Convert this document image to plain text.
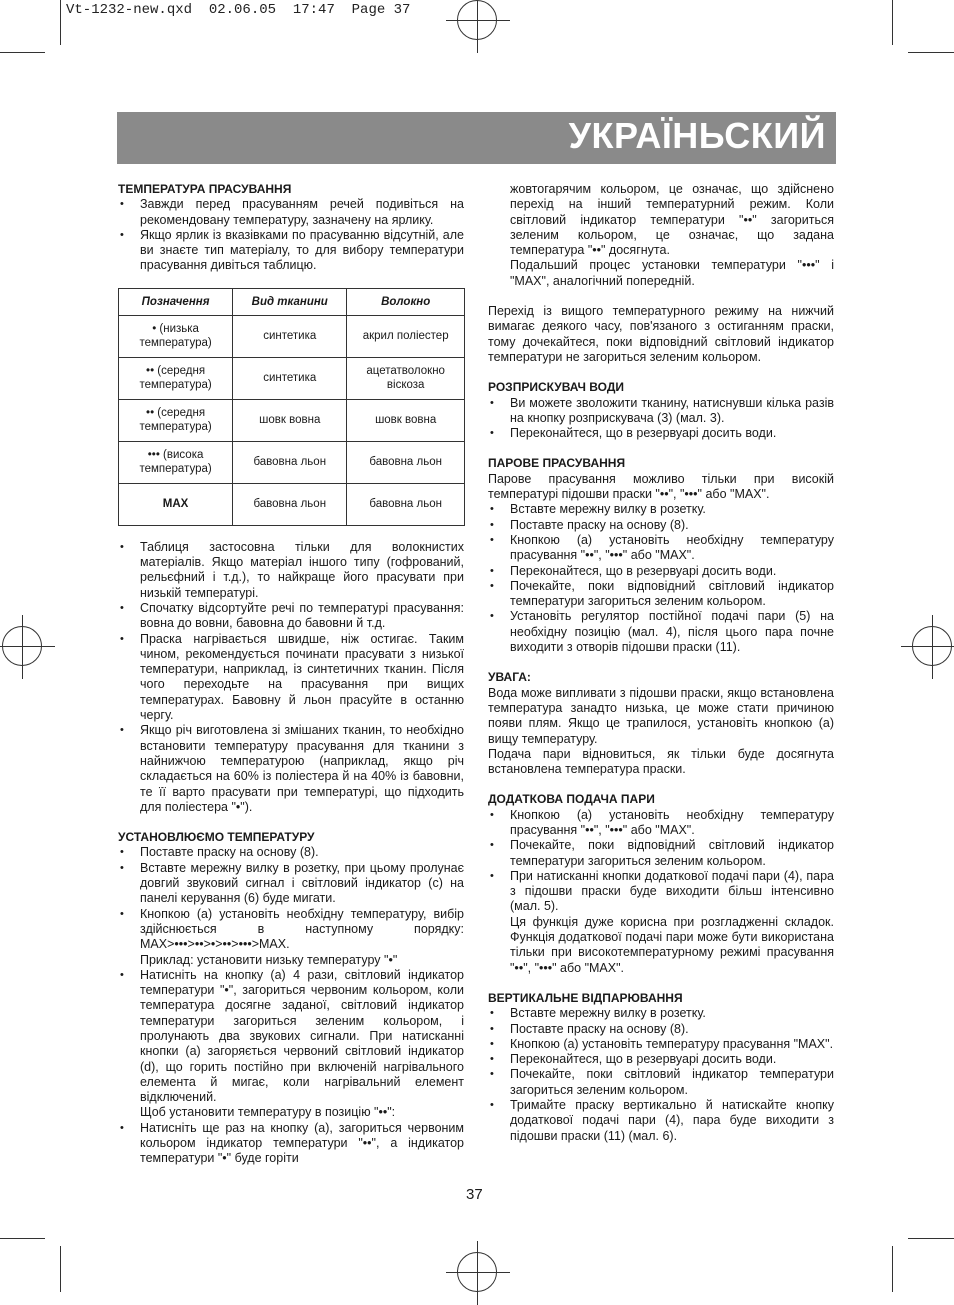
Vt-1232-new.qxd  02.06.05  17:47  Page 37
УКРАЇНЬСКИЙ

ТЕМПЕРАТУРА ПРАСУВАННЯ

• Завжди перед прасуванням речей подивіться на рекомендовану температуру, зазначену на ярлику.
• Якщо ярлик із вказівками по прасуванню відсутній, але ви знаєте тип матеріалу, то для вибору температури прасування дивіться таблицю.
Позначення	Вид тканини	Волокно
• (низька температура)	синтетика	акрил поліестер
•• (середня температура)	синтетика	ацетатволокно віскоза
•• (середня температура)	шовк вовна	шовк вовна
••• (висока температура)	бавовна льон	бавовна льон
MAX	бавовна льон	бавовна льон
• Таблиця застосовна тільки для волокнистих матеріалів. Якщо матеріал іншого типу (гофрований, рельєфний і т.д.), то найкраще його прасувати при низькій температурі.
• Спочатку відсортуйте речі по температурі прасування: вовна до вовни, бавовна до бавовни й т.д.
• Праска нагрівається швидше, ніж остигає. Таким чином, рекомендується починати прасувати з низької температури, наприклад, із синтетичних тканин. Після чого переходьте на прасування при вищих температурах. Бавовну й льон прасуйте в останню чергу.
• Якщо річ виготовлена зі змішаних тканин, то необхідно встановити температуру прасування для тканини з найнижчою температурою (наприклад, якщо річ складається на 60% із поліестера й на 40% із бавовни, те її варто прасувати при температурі, що підходить для поліестера "•").

УСТАНОВЛЮЄМО ТЕМПЕРАТУРУ

• Поставте праску на основу (8).
• Вставте мережну вилку в розетку, при цьому пролунає довгий звуковий сигнал і світловий індикатор (c) на панелі керування (6) буде мигати.
• Кнопкою (a) установіть необхідну температуру, вибір здійснюється в наступному порядку: MAX>•••>••>•>••>•••>MAX.
Приклад: установити низьку температуру "•"
• Натисніть на кнопку (a) 4 рази, світловий індикатор температури "•", загориться червоним кольором, коли температура досягне заданої, світловий індикатор температури загориться зеленим кольором, і пролунають два звукових сигнали. При натисканні кнопки (а) загоряється червоний світловий індикатор (d), що горить постійно при включеній нагрівального елемента й мигає, коли нагрівальний елемент відключений.
Щоб установити температуру в позицію "••":
• Натисніть ще раз на кнопку (a), загориться червоним кольором індикатор температури "••", а індикатор температури "•" буде горіти

жовтогарячим кольором, це означає, що здійснено перехід на інший температурний режим. Коли світловий індикатор температури "••" загориться зеленим кольором, це означає, що задана температура "••" досягнута.

Подальший процес установки температури "•••" і "MAX", аналогічний попередній.

Перехід із вищого температурного режиму на нижчий вимагає деякого часу, пов'язаного з остиганням праски, тому дочекайтеся, поки відповідний світловий індикатор температури не загориться зеленим кольором.

РОЗПРИСКУВАЧ ВОДИ

• Ви можете зволожити тканину, натиснувши кілька разів на кнопку розприскувача (3) (мал. 3).
• Переконайтеся, що в резервуарі досить води.

ПАРОВЕ ПРАСУВАННЯ

Парове прасування можливо тільки при високій температурі підошви праски "••", "•••" або "MAX".

• Вставте мережну вилку в розетку.
• Поставте праску на основу (8).
• Кнопкою (a) установіть необхідну температуру прасування "••", "•••" або "MAX".
• Переконайтеся, що в резервуарі досить води.
• Почекайте, поки відповідний світловий індикатор температури загориться зеленим кольором.
• Установіть регулятор постійної подачі пари (5) на необхідну позицію (мал. 4), після цього пара почне виходити з отворів підошви праски (11).

УВАГА:

Вода може випливати з підошви праски, якщо встановлена температура занадто низька, це може стати причиною появи плям. Якщо це трапилося, установіть кнопкою (а) вищу температуру.

Подача пари відновиться, як тільки буде досягнута встановлена температура праски.

ДОДАТКОВА ПОДАЧА ПАРИ

• Кнопкою (a) установіть необхідну температуру прасування "••", "•••" або "MAX".
• Почекайте, поки відповідний світловий індикатор температури загориться зеленим кольором.
• При натисканні кнопки додаткової подачі пари (4), пара з підошви праски буде виходити більш інтенсивно (мал. 5).
Ця функція дуже корисна при розгладженні складок. Функція додаткової подачі пари може бути використана тільки при високотемпературному режимі прасування "••", "•••" або "MAX".

ВЕРТИКАЛЬНЕ ВІДПАРЮВАННЯ

• Вставте мережну вилку в розетку.
• Поставте праску на основу (8).
• Кнопкою (a) установіть температуру прасування "MAX".
• Переконайтеся, що в резервуарі досить води.
• Почекайте, поки світловий індикатор температури загориться зеленим кольором.
• Тримайте праску вертикально й натискайте кнопку додаткової подачі пари (4), пара буде виходити з підошви праски (11) (мал. 6).
37
